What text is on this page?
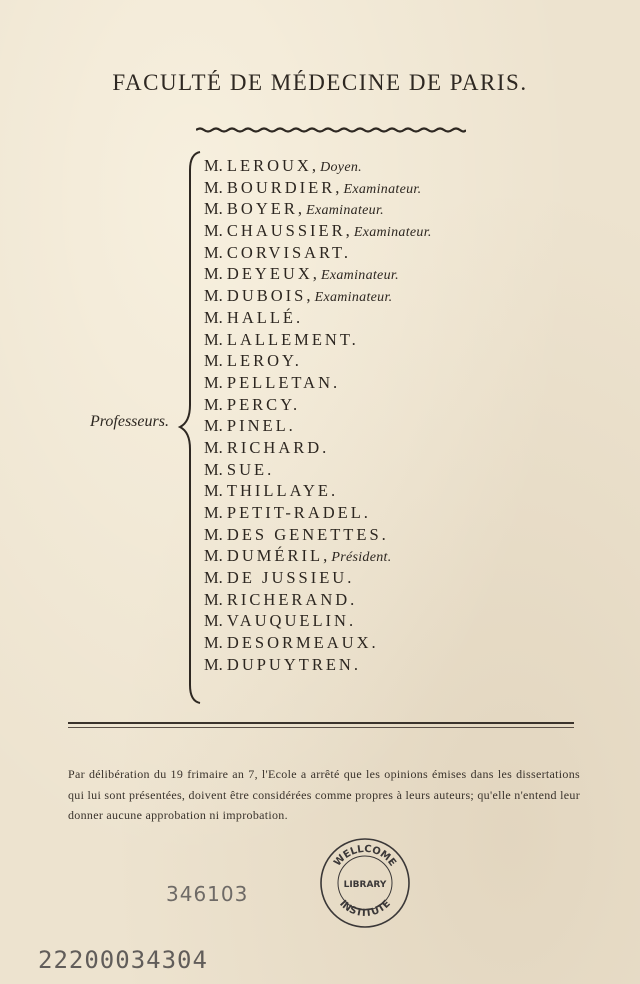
FACULTÉ DE MÉDECINE DE PARIS.
Professeurs.
M. LEROUX, Doyen.
M. BOURDIER, Examinateur.
M. BOYER, Examinateur.
M. CHAUSSIER, Examinateur.
M. CORVISART.
M. DEYEUX, Examinateur.
M. DUBOIS, Examinateur.
M. HALLÉ.
M. LALLEMENT.
M. LEROY.
M. PELLETAN.
M. PERCY.
M. PINEL.
M. RICHARD.
M. SUE.
M. THILLAYE.
M. PETIT-RADEL.
M. DES GENETTES.
M. DUMÉRIL, Président.
M. DE JUSSIEU.
M. RICHERAND.
M. VAUQUELIN.
M. DESORMEAUX.
M. DUPUYTREN.

Par délibération du 19 frimaire an 7, l'Ecole a arrêté que les opinions émises dans les dissertations qui lui sont présentées, doivent être considérées comme propres à leurs auteurs; qu'elle n'entend leur donner aucune approbation ni improbation.

WELLCOME
LIBRARY
INSTITUTE
346103
22200034304
